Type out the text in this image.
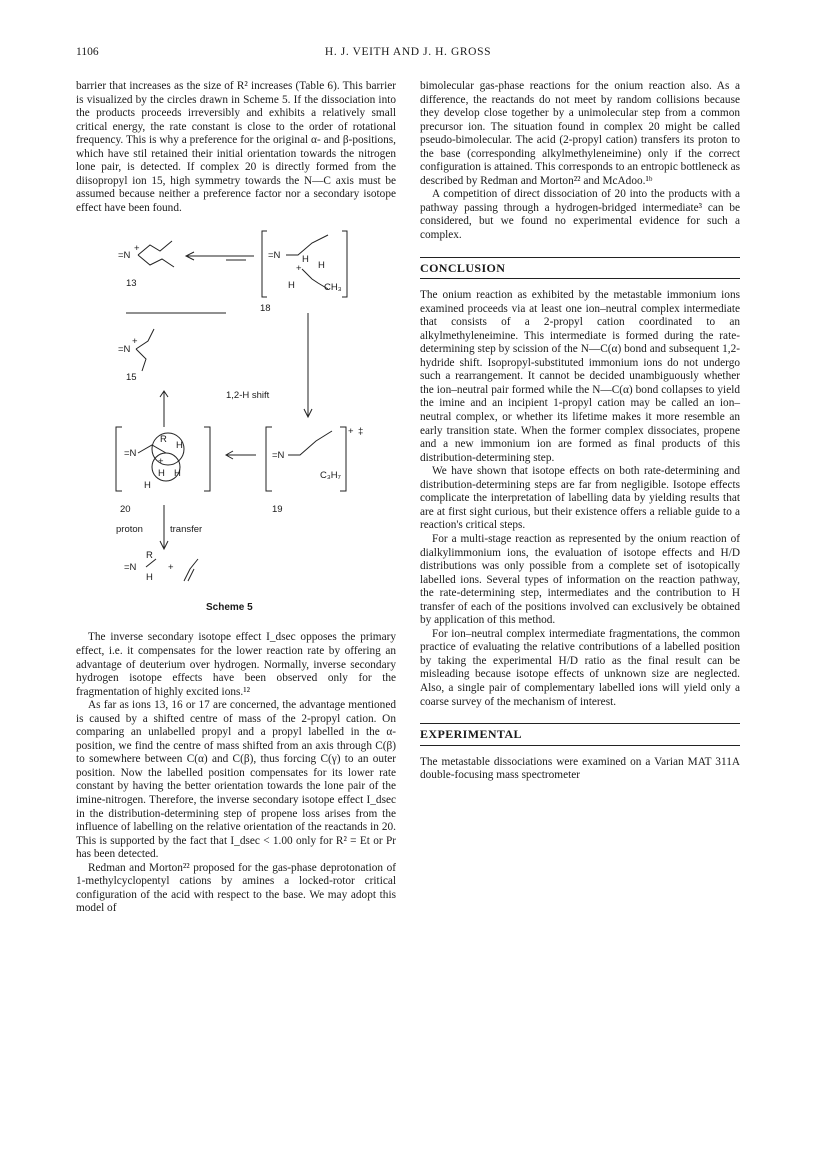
1106	H. J. VEITH AND J. H. GROSS

barrier that increases as the size of R² increases (Table 6). This barrier is visualized by the circles drawn in Scheme 5. If the dissociation into the products proceeds irreversibly and exhibits a relatively small critical energy, the rate constant is close to the order of rotational frequency. This is why a preference for the original α- and β-positions, which have stil retained their initial orientation towards the nitrogen lone pair, is detected. If complex 20 is directly formed from the diisopropyl ion 15, high symmetry towards the N—C axis must be assumed because neither a preference factor nor a secondary isotope effect have been found.

=N
+
13
=N
+
H
H
H	CH₃
18
=N
+
15
1,2-H shift
=N
R
+
H
H H
H
20
=N
+ ‡
C₃H₇
19
proton	transfer
=N
R
H
+
Scheme 5

The inverse secondary isotope effect I_dsec opposes the primary effect, i.e. it compensates for the lower reaction rate by offering an advantage of deuterium over hydrogen. Normally, inverse secondary hydrogen isotope effects have been observed only for the fragmentation of highly excited ions.¹²

As far as ions 13, 16 or 17 are concerned, the advantage mentioned is caused by a shifted centre of mass of the 2-propyl cation. On comparing an unlabelled propyl and a propyl labelled in the α-position, we find the centre of mass shifted from an axis through C(β) to somewhere between C(α) and C(β), thus forcing C(γ) to an outer position. Now the labelled position compensates for its lower rate constant by having the better orientation towards the lone pair of the imine-nitrogen. Therefore, the inverse secondary isotope effect I_dsec in the distribution-determining step of propene loss arises from the influence of labelling on the relative orientation of the reactands in 20. This is supported by the fact that I_dsec < 1.00 only for R² = Et or Pr has been detected.

Redman and Morton²² proposed for the gas-phase deprotonation of 1-methylcyclopentyl cations by amines a locked-rotor critical configuration of the acid with respect to the base. We may adopt this model of

bimolecular gas-phase reactions for the onium reaction also. As a difference, the reactands do not meet by random collisions because they develop close together by a unimolecular step from a common precursor ion. The situation found in complex 20 might be called pseudo-bimolecular. The acid (2-propyl cation) transfers its proton to the base (corresponding alkylmethyleneimine) only if the correct configuration is attained. This corresponds to an entropic bottleneck as described by Redman and Morton²² and McAdoo.¹ᵇ

A competition of direct dissociation of 20 into the products with a pathway passing through a hydrogen-bridged intermediate³ can be considered, but we found no experimental evidence for such a complex.

CONCLUSION

The onium reaction as exhibited by the metastable immonium ions examined proceeds via at least one ion–neutral complex intermediate that consists of a 2-propyl cation coordinated to an alkylmethyleneimine. This intermediate is formed during the rate-determining step by scission of the N—C(α) bond and subsequent 1,2-hydride shift. Isopropyl-substituted immonium ions do not undergo such a rearrangement. It cannot be decided unambiguously whether the ion–neutral pair formed while the N—C(α) bond collapses to yield the imine and an incipient 1-propyl cation may be called an ion–neutral complex, or whether its lifetime makes it more resemble an early transition state. When the former complex dissociates, propene and a new immonium ion are formed as final products of this distribution-determining step.

We have shown that isotope effects on both rate-determining and distribution-determining steps are far from negligible. Isotope effects complicate the interpretation of labelling data by yielding results that are at first sight curious, but their existence offers a reliable guide to a reaction's critical steps.

For a multi-stage reaction as represented by the onium reaction of dialkylimmonium ions, the evaluation of isotope effects and H/D distributions was only possible from a complete set of isotopically labelled ions. Several types of information on the reaction pathway, the rate-determining step, intermediates and the contribution to H transfer of each of the positions involved can exclusively be obtained by application of this method.

For ion–neutral complex intermediate fragmentations, the common practice of evaluating the relative contributions of a labelled position by taking the experimental H/D ratio as the final result can be misleading because isotope effects of unknown size are neglected. Also, a single pair of complementary labelled ions will yield only a coarse survey of the mechanism of interest.

EXPERIMENTAL

The metastable dissociations were examined on a Varian MAT 311A double-focusing mass spectrometer
